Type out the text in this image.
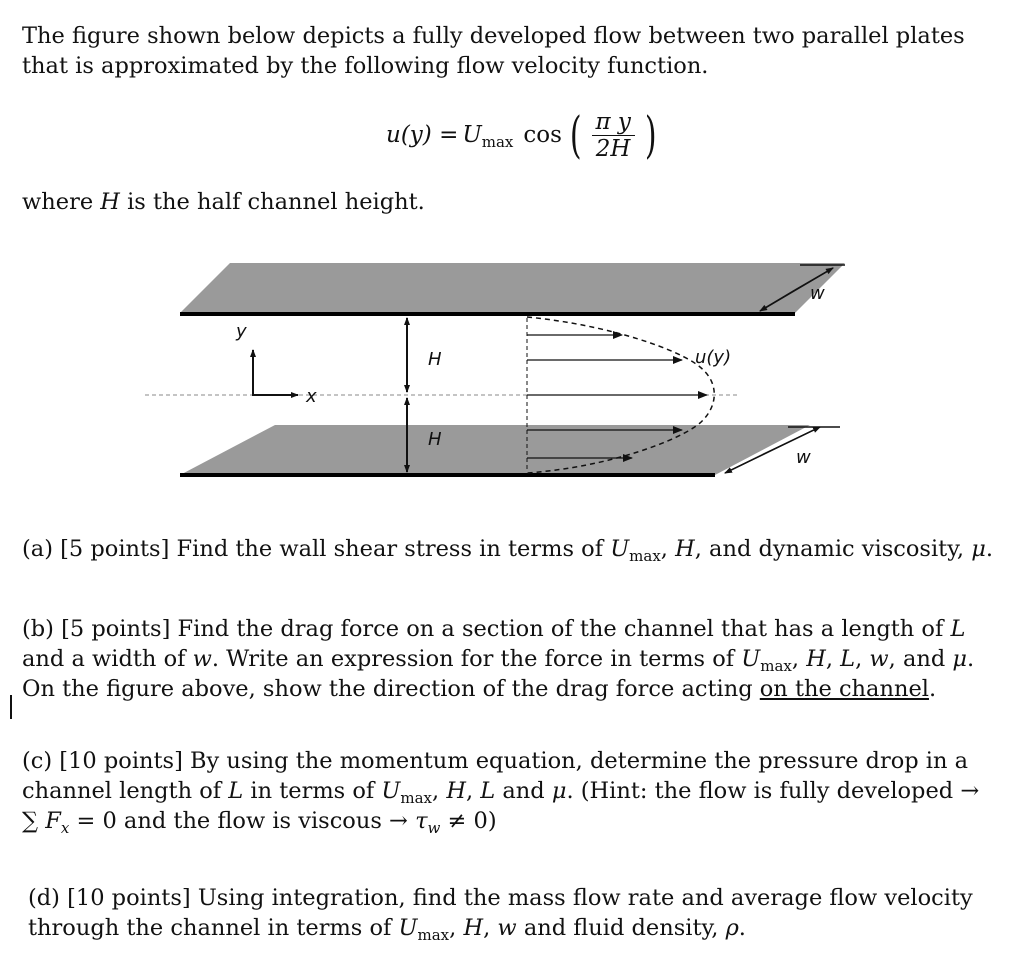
The figure shown below depicts a fully developed flow between two parallel plates that is approximated by the following flow velocity function.

$u(y) = U_{max}$ cos ( $\frac{\text{π y}}{2H}$ )

where H is the half channel height.

y
x
H
H
u(y)
w
w

(a) [5 points] Find the wall shear stress in terms of $U_{max}$, H, and dynamic viscosity, μ.

(b) [5 points] Find the drag force on a section of the channel that has a length of L and a width of w. Write an expression for the force in terms of $U_{max}$, H, L, w, and μ. On the figure above, show the direction of the drag force acting on the channel.

(c) [10 points] By using the momentum equation, determine the pressure drop in a channel length of L in terms of $U_{max}$, H, L and μ. (Hint: the flow is fully developed → ∑ $F_x = 0$ and the flow is viscous → $\tau_w \ne 0$)

(d) [10 points] Using integration, find the mass flow rate and average flow velocity through the channel in terms of $U_{max}$, H, w and fluid density, ρ.
